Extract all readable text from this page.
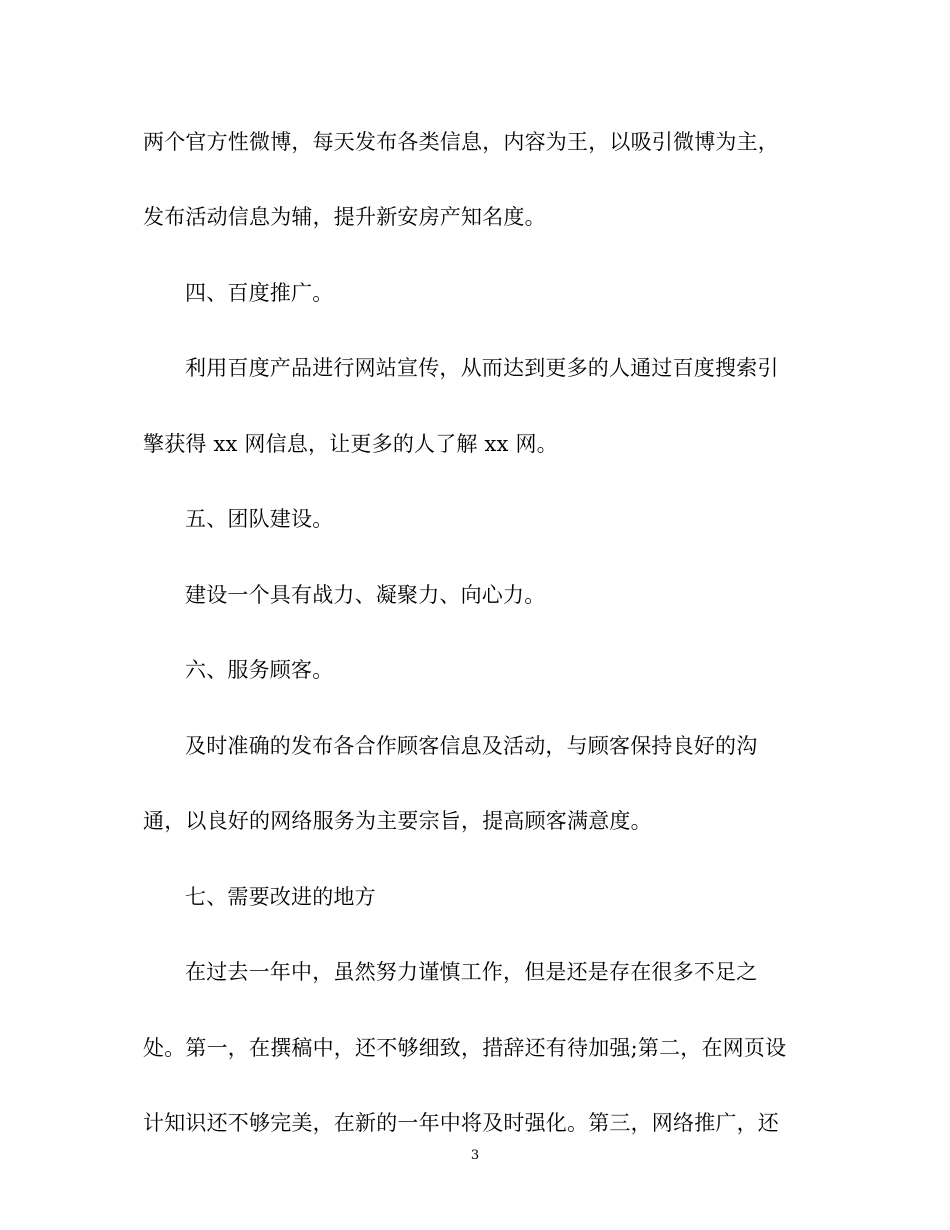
两个官方性微博，每天发布各类信息，内容为王，以吸引微博为主，
发布活动信息为辅，提升新安房产知名度。
四、百度推广。
利用百度产品进行网站宣传，从而达到更多的人通过百度搜索引
擎获得 xx 网信息，让更多的人了解 xx 网。
五、团队建设。
建设一个具有战力、凝聚力、向心力。
六、服务顾客。
及时准确的发布各合作顾客信息及活动，与顾客保持良好的沟
通，以良好的网络服务为主要宗旨，提高顾客满意度。
七、需要改进的地方
在过去一年中，虽然努力谨慎工作，但是还是存在很多不足之
处。第一，在撰稿中，还不够细致，措辞还有待加强;第二，在网页设
计知识还不够完美，在新的一年中将及时强化。第三，网络推广，还
3
